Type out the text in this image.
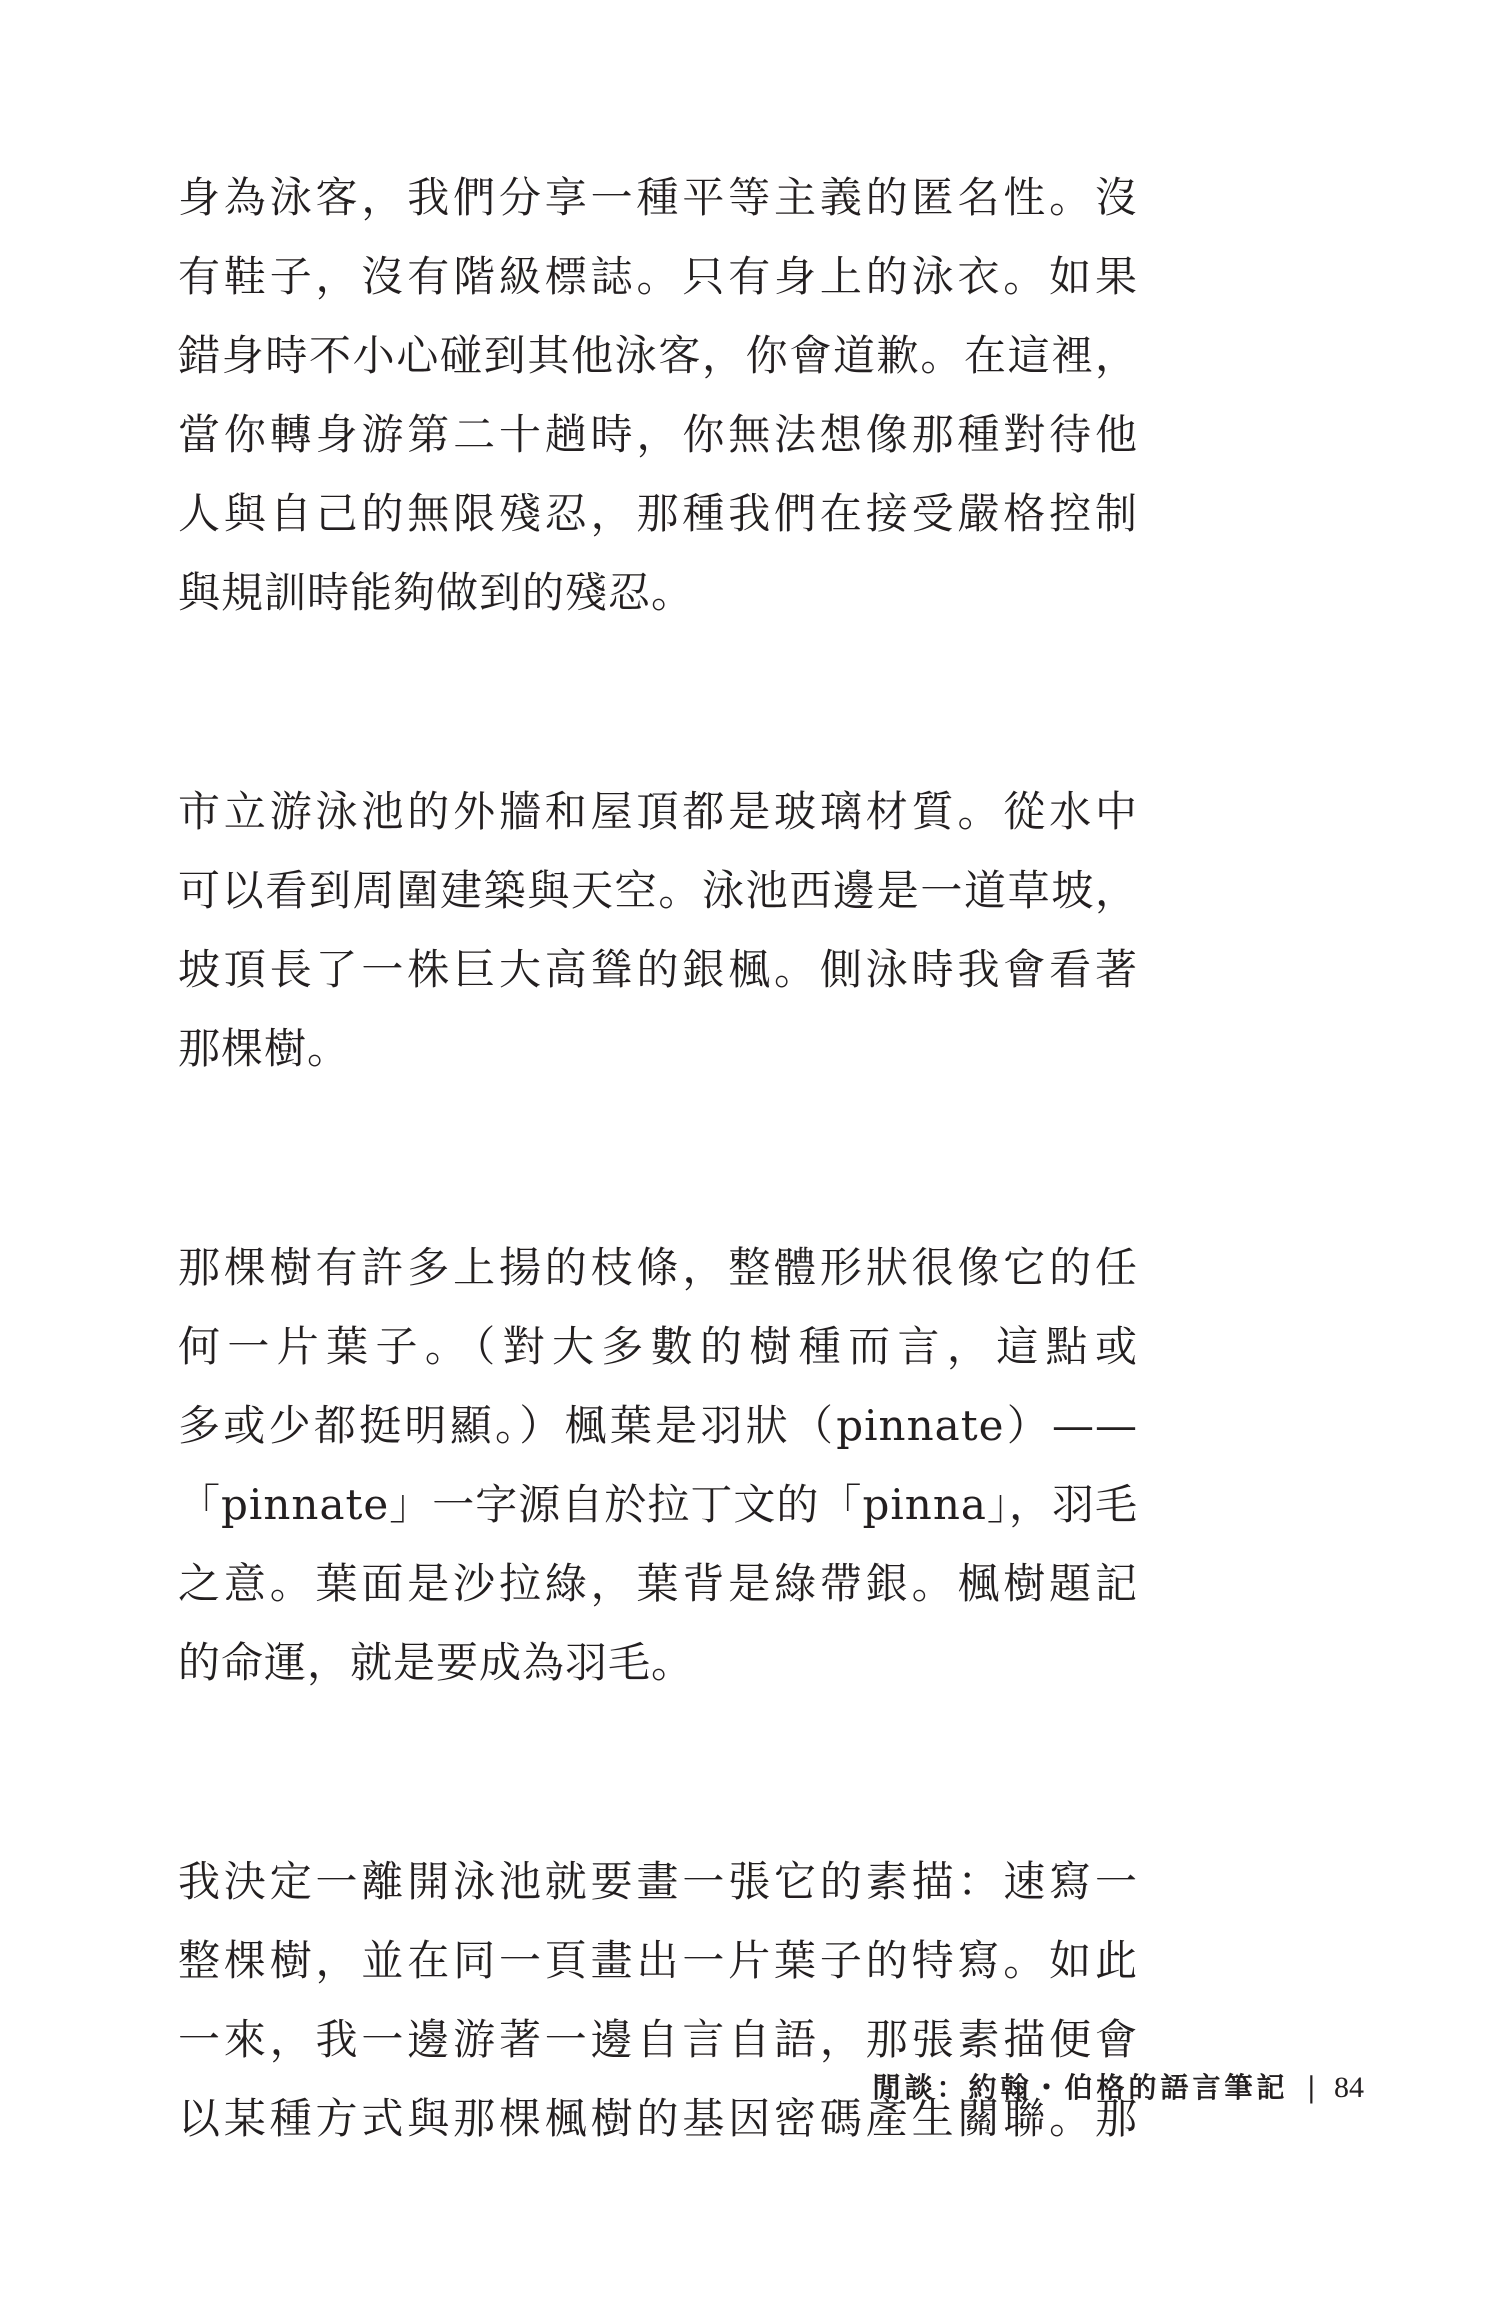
身為泳客，我們分享一種平等主義的匿名性。沒
有鞋子，沒有階級標誌。只有身上的泳衣。如果
錯身時不小心碰到其他泳客，你會道歉。在這裡，
當你轉身游第二十趟時，你無法想像那種對待他
人與自己的無限殘忍，那種我們在接受嚴格控制
與規訓時能夠做到的殘忍。
市立游泳池的外牆和屋頂都是玻璃材質。從水中
可以看到周圍建築與天空。泳池西邊是一道草坡，
坡頂長了一株巨大高聳的銀楓。側泳時我會看著
那棵樹。
那棵樹有許多上揚的枝條，整體形狀很像它的任
何一片葉子。（對大多數的樹種而言，這點或
多或少都挺明顯。）楓葉是羽狀（pinnate）——
「pinnate」一字源自於拉丁文的「pinna」，羽毛
之意。葉面是沙拉綠，葉背是綠帶銀。楓樹題記
的命運，就是要成為羽毛。
我決定一離開泳池就要畫一張它的素描：速寫一
整棵樹，並在同一頁畫出一片葉子的特寫。如此
一來，我一邊游著一邊自言自語，那張素描便會
以某種方式與那棵楓樹的基因密碼產生關聯。那
閒談：約翰・伯格的語言筆記 | 84
